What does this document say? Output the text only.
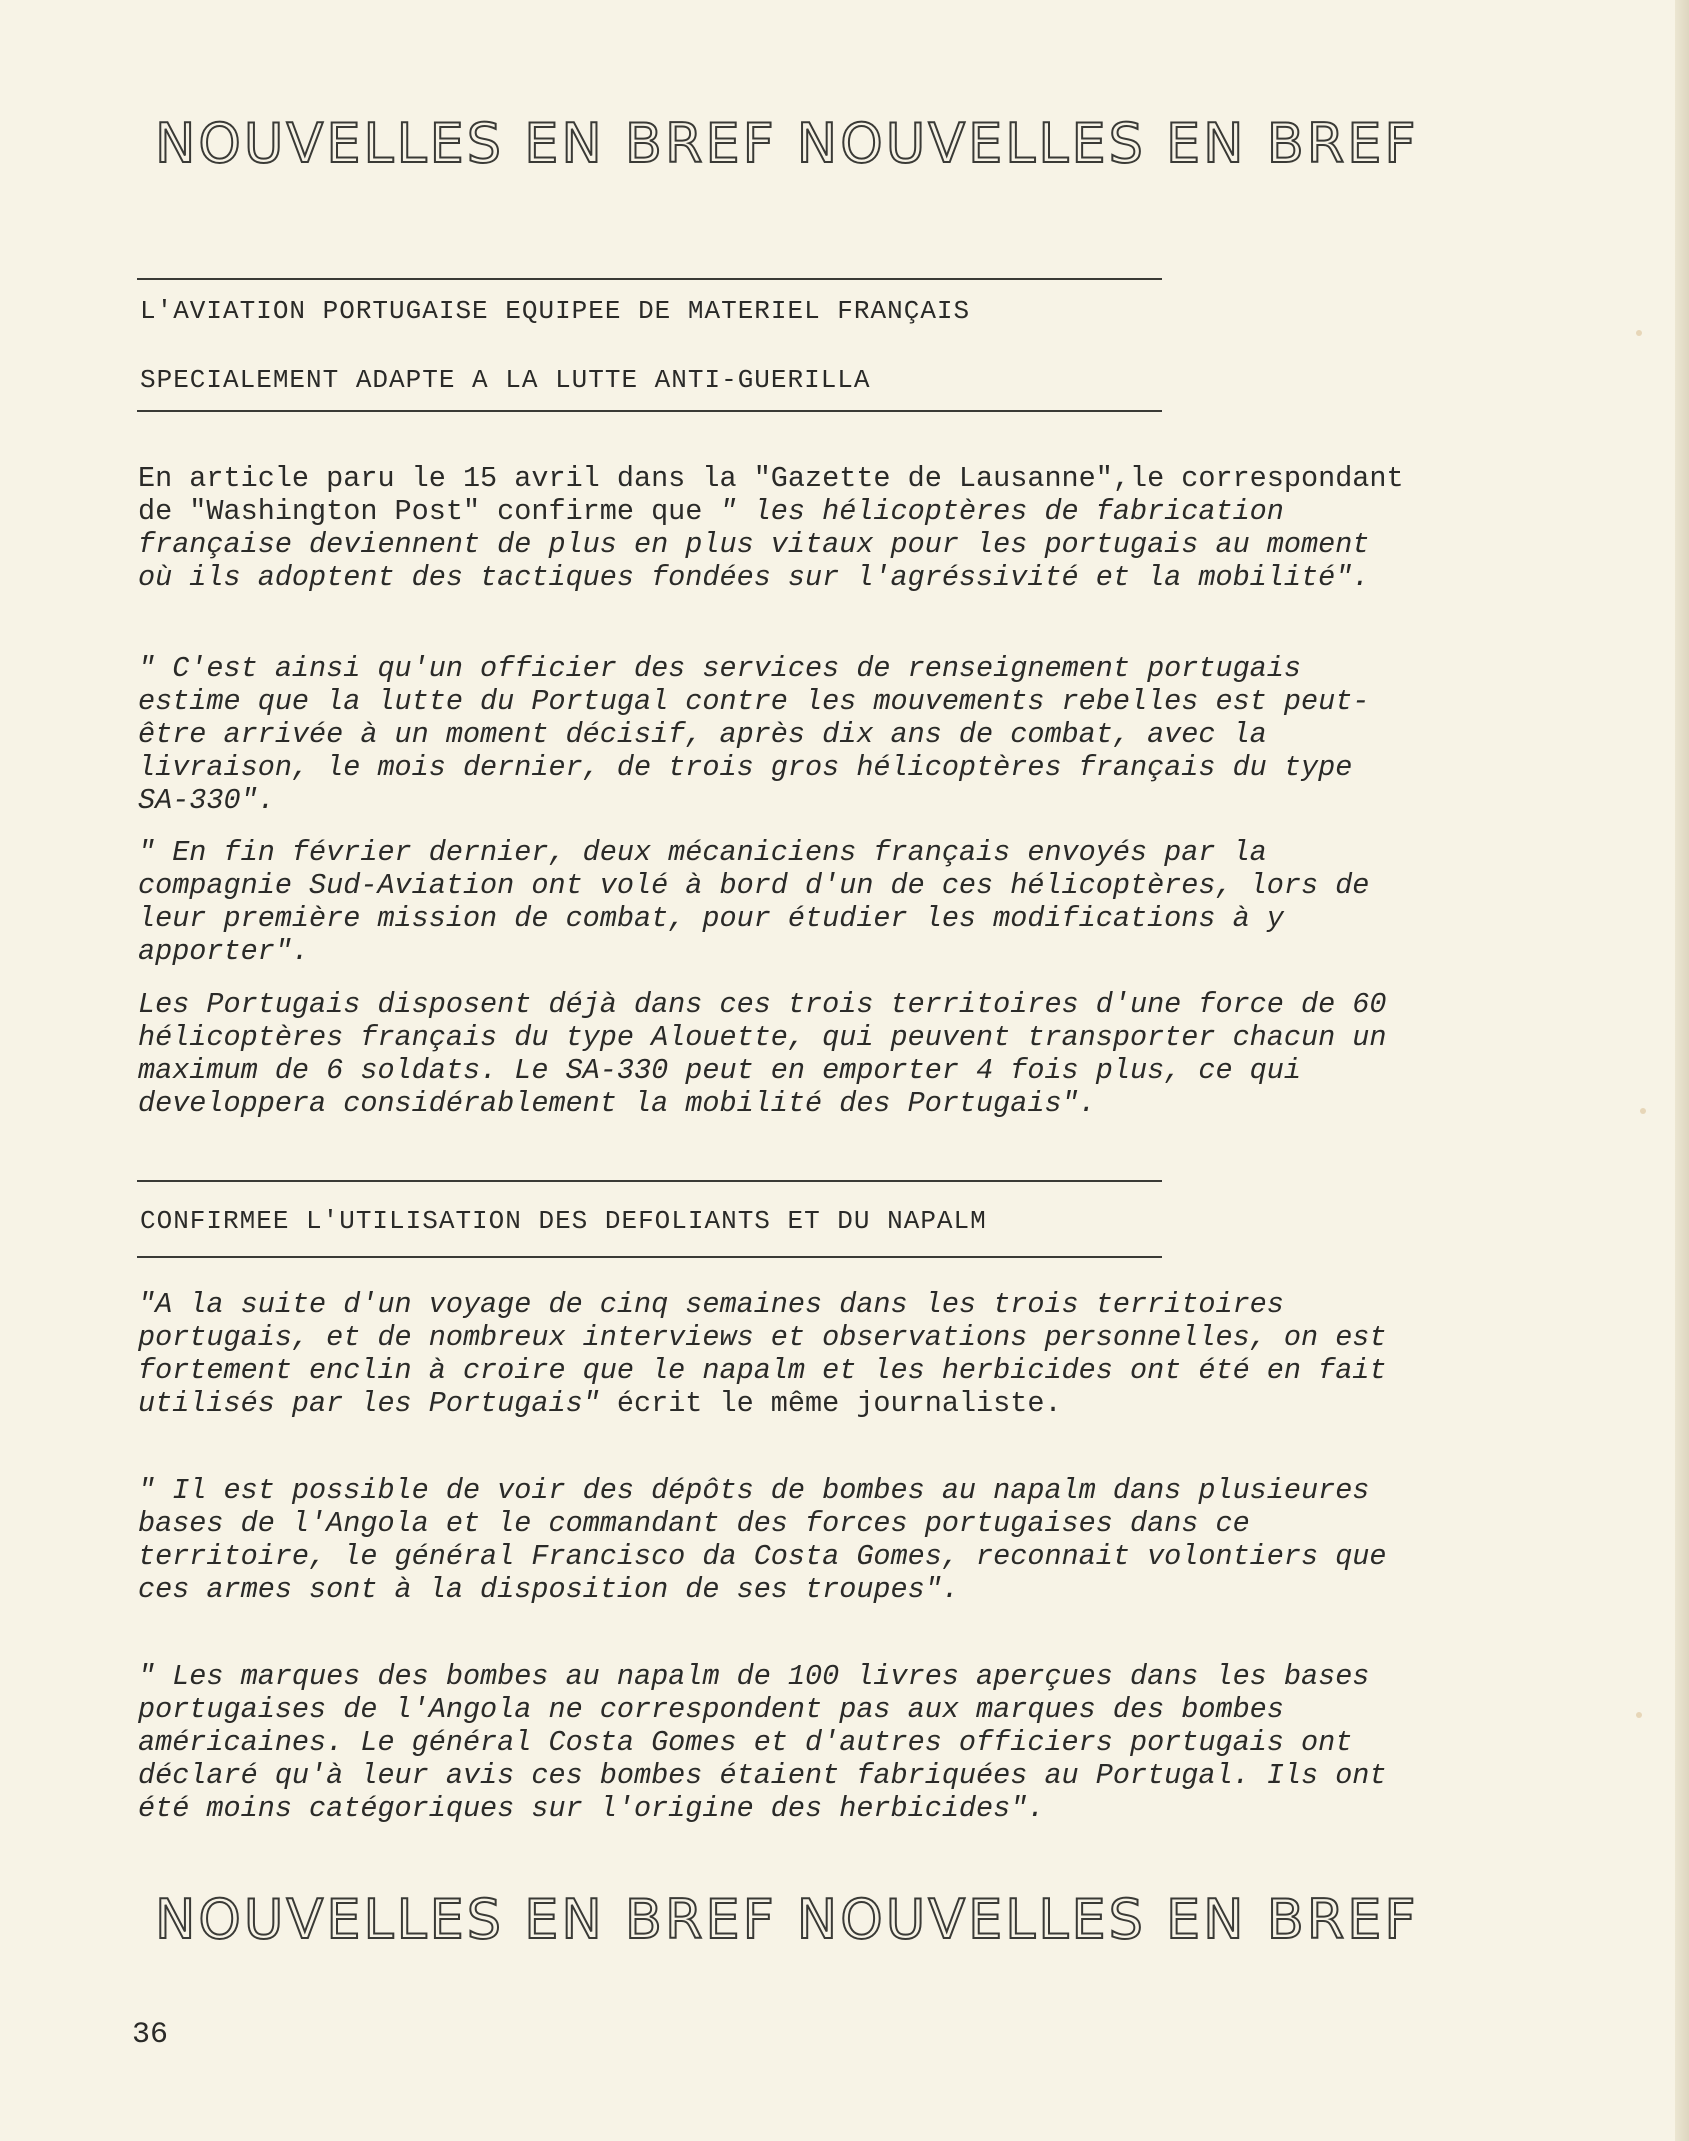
NOUVELLES EN BREF NOUVELLES EN BREF
L'AVIATION PORTUGAISE EQUIPEE DE MATERIEL FRANÇAIS
SPECIALEMENT ADAPTE A LA LUTTE ANTI-GUERILLA

En article paru le 15 avril dans la "Gazette de Lausanne",le correspondant de "Washington Post" confirme que " les hélicoptères de fabrication française deviennent de plus en plus vitaux pour les portugais au moment où ils adoptent des tactiques fondées sur l'agréssivité et la mobilité".

" C'est ainsi qu'un officier des services de renseignement portugais estime que la lutte du Portugal contre les mouvements rebelles est peut-être arrivée à un moment décisif, après dix ans de combat, avec la livraison, le mois dernier, de trois gros hélicoptères français du type SA-330".

" En fin février dernier, deux mécaniciens français envoyés par la compagnie Sud-Aviation ont volé à bord d'un de ces hélicoptères, lors de leur première mission de combat, pour étudier les modifications à y apporter".

Les Portugais disposent déjà dans ces trois territoires d'une force de 60 hélicoptères français du type Alouette, qui peuvent transporter chacun un maximum de 6 soldats. Le SA-330 peut en emporter 4 fois plus, ce qui developpera considérablement la mobilité des Portugais".

CONFIRMEE L'UTILISATION DES DEFOLIANTS ET DU NAPALM

"A la suite d'un voyage de cinq semaines dans les trois territoires portugais, et de nombreux interviews et observations personnelles, on est fortement enclin à croire que le napalm et les herbicides ont été en fait utilisés par les Portugais" écrit le même journaliste.

" Il est possible de voir des dépôts de bombes au napalm dans plusieures bases de l'Angola et le commandant des forces portugaises dans ce territoire, le général Francisco da Costa Gomes, reconnait volontiers que ces armes sont à la disposition de ses troupes".

" Les marques des bombes au napalm de 100 livres aperçues dans les bases portugaises de l'Angola ne correspondent pas aux marques des bombes américaines. Le général Costa Gomes et d'autres officiers portugais ont déclaré qu'à leur avis ces bombes étaient fabriquées au Portugal. Ils ont été moins catégoriques sur l'origine des herbicides".

NOUVELLES EN BREF NOUVELLES EN BREF
36
